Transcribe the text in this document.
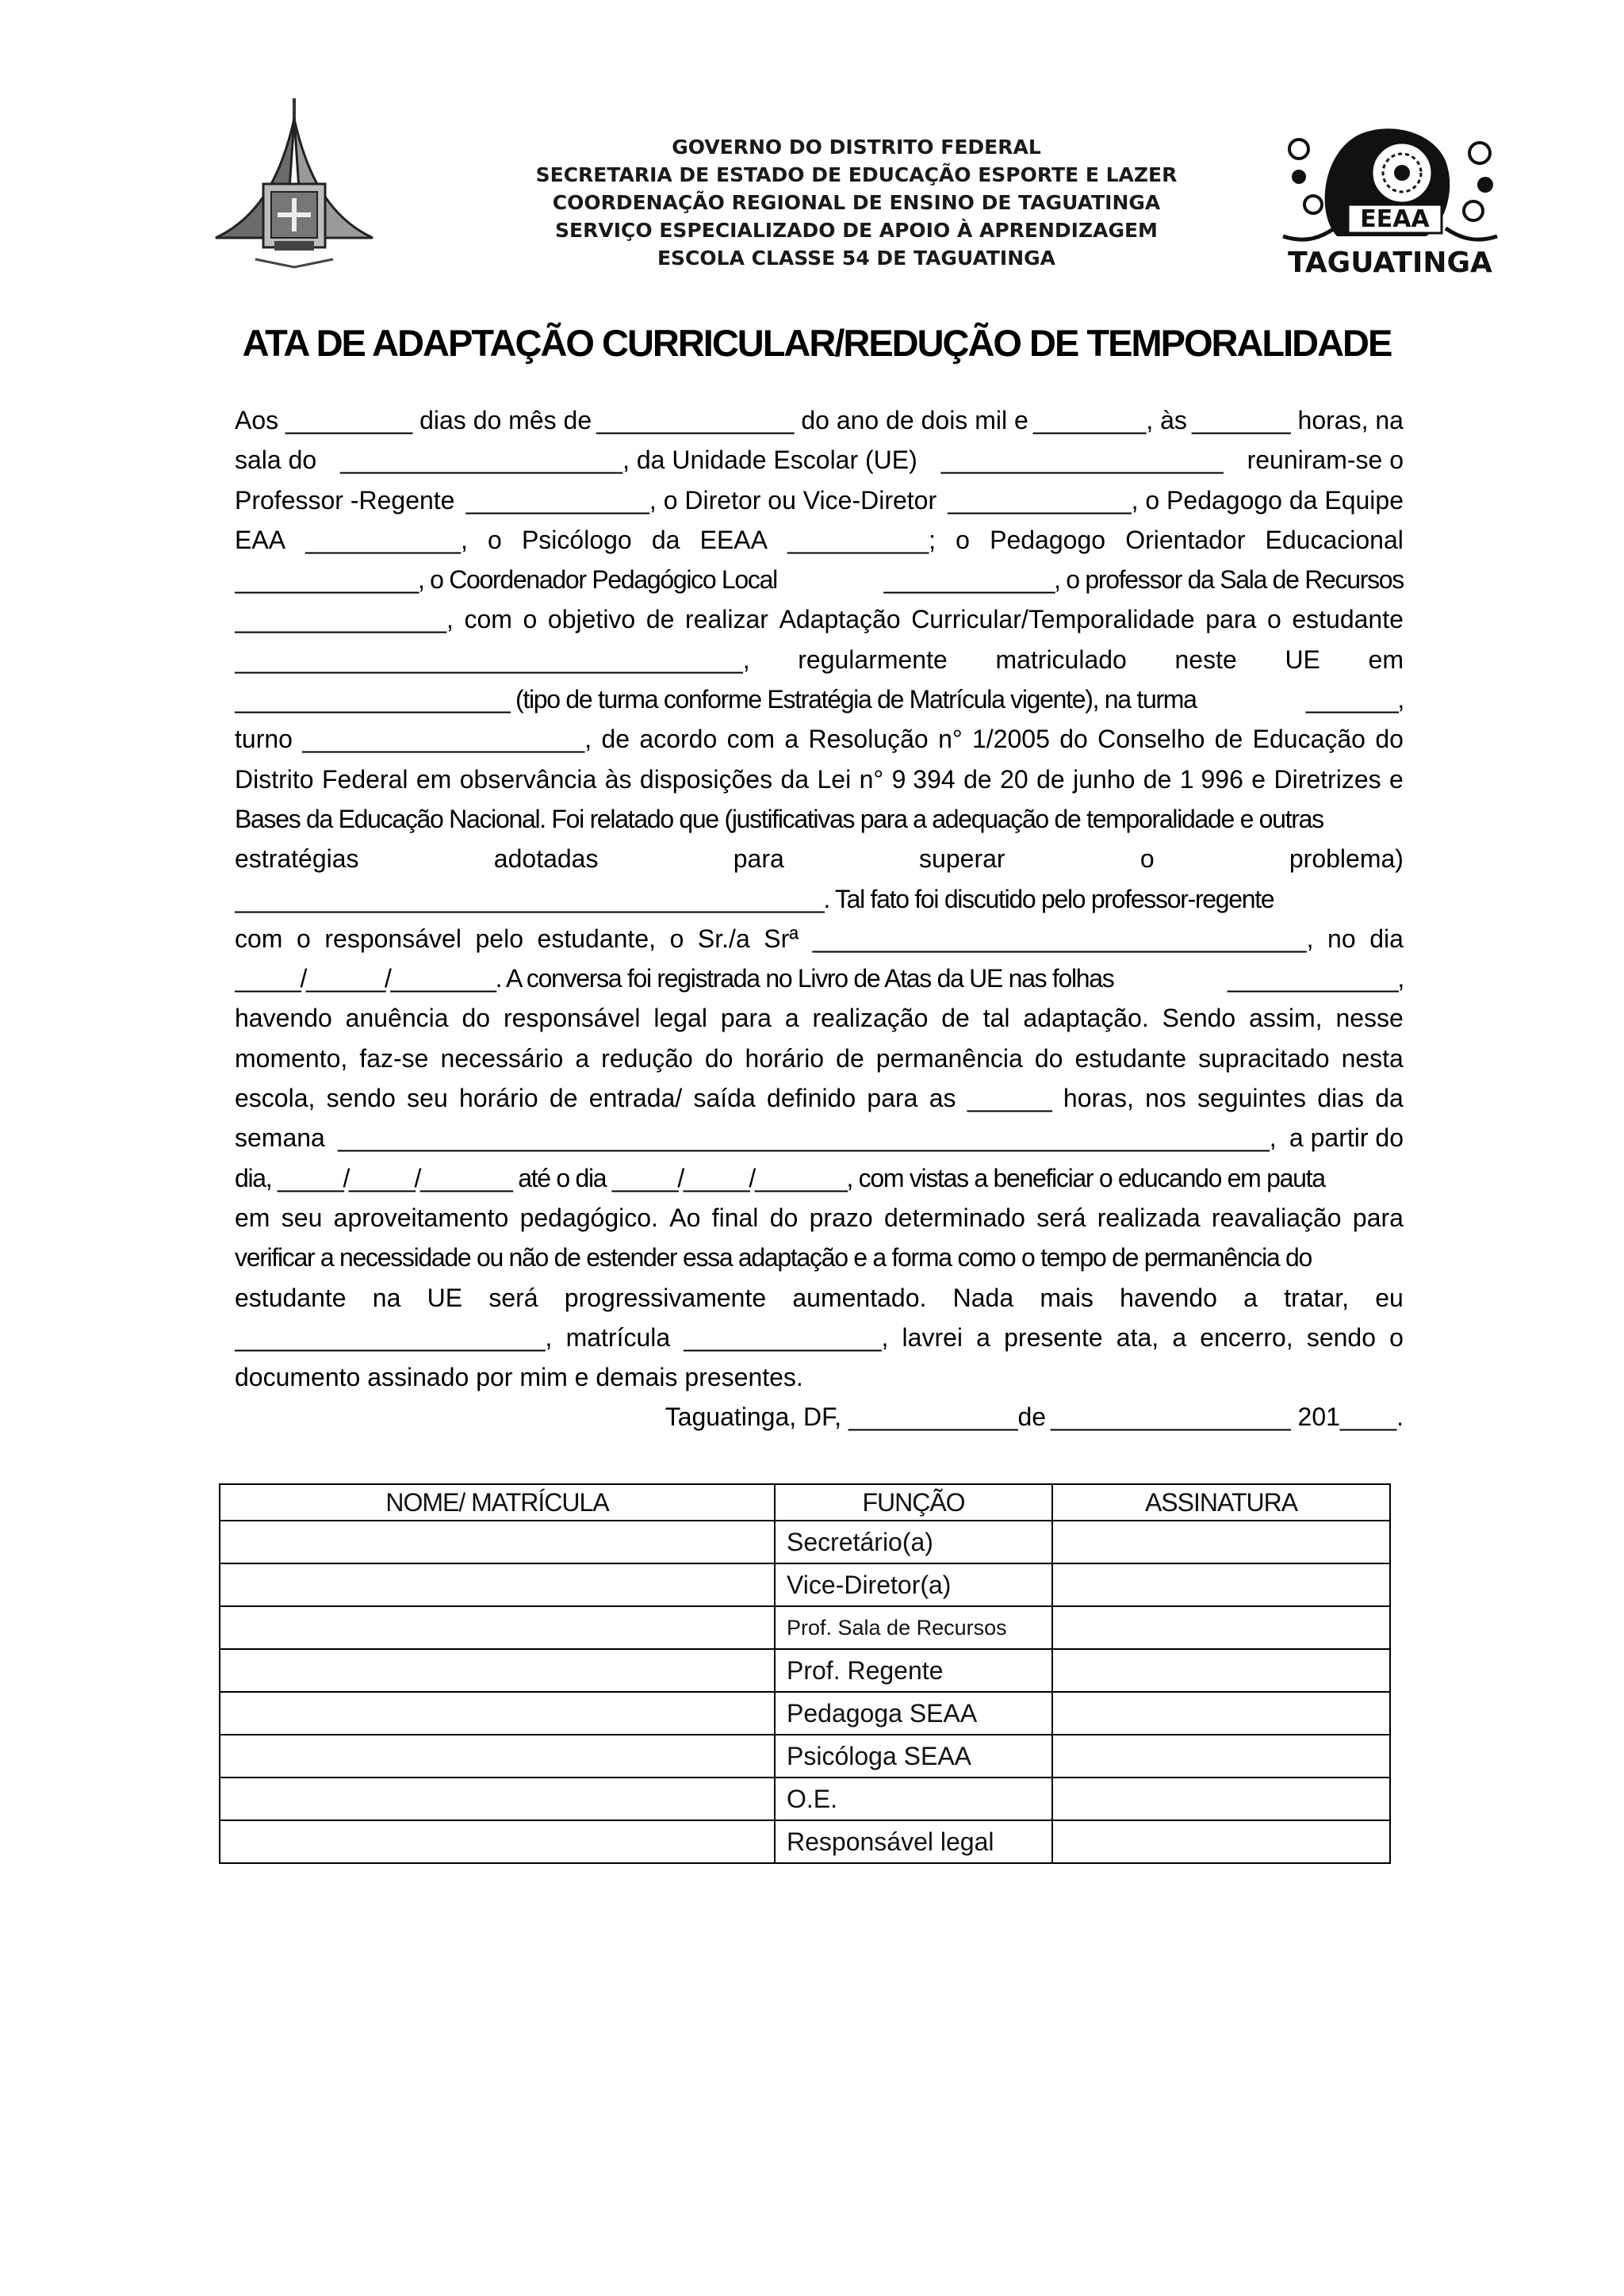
EEAA
TAGUATINGA
GOVERNO DO DISTRITO FEDERAL
SECRETARIA DE ESTADO DE EDUCAÇÃO ESPORTE E LAZER
COORDENAÇÃO REGIONAL DE ENSINO DE TAGUATINGA
SERVIÇO ESPECIALIZADO DE APOIO À APRENDIZAGEM
ESCOLA CLASSE 54 DE TAGUATINGA
ATA DE ADAPTAÇÃO CURRICULAR/REDUÇÃO DE TEMPORALIDADE
Aos _________ dias do mês de ______________ do ano de dois mil e ________, às _______ horas, na
sala do ____________________, da Unidade Escolar (UE) ____________________ reuniram-se o
Professor -Regente _____________, o Diretor ou Vice-Diretor _____________, o Pedagogo da Equipe
EAA ___________, o Psicólogo da EEAA __________; o Pedagogo Orientador Educacional
______________, o Coordenador Pedagógico Local	_____________, o professor da Sala de Recursos
_______________, com o objetivo de realizar Adaptação Curricular/Temporalidade para o estudante
____________________________________, regularmente matriculado neste UE em
_____________________ (tipo de turma conforme Estratégia de Matrícula vigente), na turma	_______,
turno ____________________, de acordo com a Resolução n° 1/2005 do Conselho de Educação do
Distrito Federal em observância às disposições da Lei n° 9 394 de 20 de junho de 1 996 e Diretrizes e
Bases da Educação Nacional. Foi relatado que (justificativas para a adequação de temporalidade e outras
estratégias	adotadas	para	superar	o	problema)
_____________________________________________. Tal fato foi discutido pelo professor-regente
com o responsável pelo estudante, o Sr./a Srª ___________________________________, no dia
_____/______/________. A conversa foi registrada no Livro de Atas da UE nas folhas	_____________,
havendo anuência do responsável legal para a realização de tal adaptação. Sendo assim, nesse
momento, faz-se necessário a redução do horário de permanência do estudante supracitado nesta
escola, sendo seu horário de entrada/ saída definido para as ______ horas, nos seguintes dias da
semana __________________________________________________________________, a partir do
dia, _____/_____/_______ até o dia _____/_____/_______, com vistas a beneficiar o educando em pauta
em seu aproveitamento pedagógico. Ao final do prazo determinado será realizada reavaliação para
verificar a necessidade ou não de estender essa adaptação e a forma como o tempo de permanência do
estudante na UE será progressivamente aumentado. Nada mais havendo a tratar, eu
______________________, matrícula ______________, lavrei a presente ata, a encerro, sendo o
documento assinado por mim e demais presentes.
Taguatinga, DF, ____________de _________________ 201____.
NOME/ MATRÍCULA	FUNÇÃO	ASSINATURA
	Secretário(a)	
	Vice-Diretor(a)	
	Prof. Sala de Recursos	
	Prof. Regente	
	Pedagoga SEAA	
	Psicóloga SEAA	
	O.E.	
	Responsável legal	
